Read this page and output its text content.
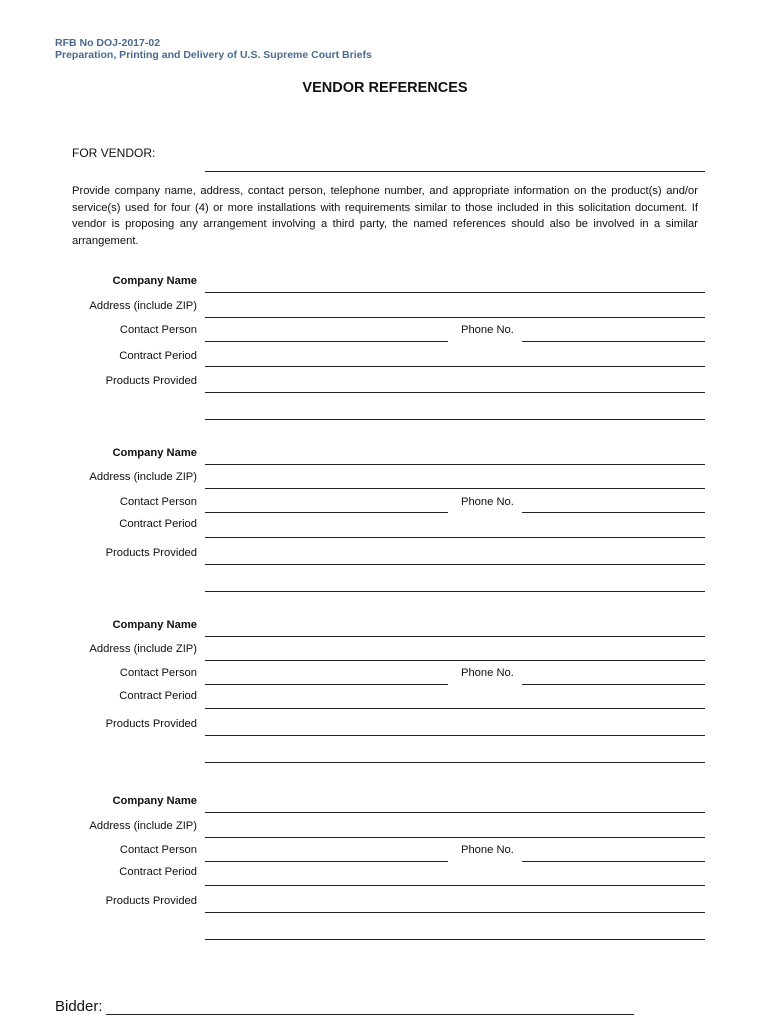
RFB No DOJ-2017-02
Preparation, Printing and Delivery of U.S. Supreme Court Briefs
VENDOR REFERENCES
FOR VENDOR:
Provide company name, address, contact person, telephone number, and appropriate information on the product(s) and/or service(s) used for four (4) or more installations with requirements similar to those included in this solicitation document. If vendor is proposing any arrangement involving a third party, the named references should also be involved in a similar arrangement.
Company Name
Address (include ZIP)
Contact Person	Phone No.
Contract Period
Products Provided
Company Name
Address (include ZIP)
Contact Person	Phone No.
Contract Period
Products Provided
Company Name
Address (include ZIP)
Contact Person	Phone No.
Contract Period
Products Provided
Company Name
Address (include ZIP)
Contact Person	Phone No.
Contract Period
Products Provided
Bidder:
